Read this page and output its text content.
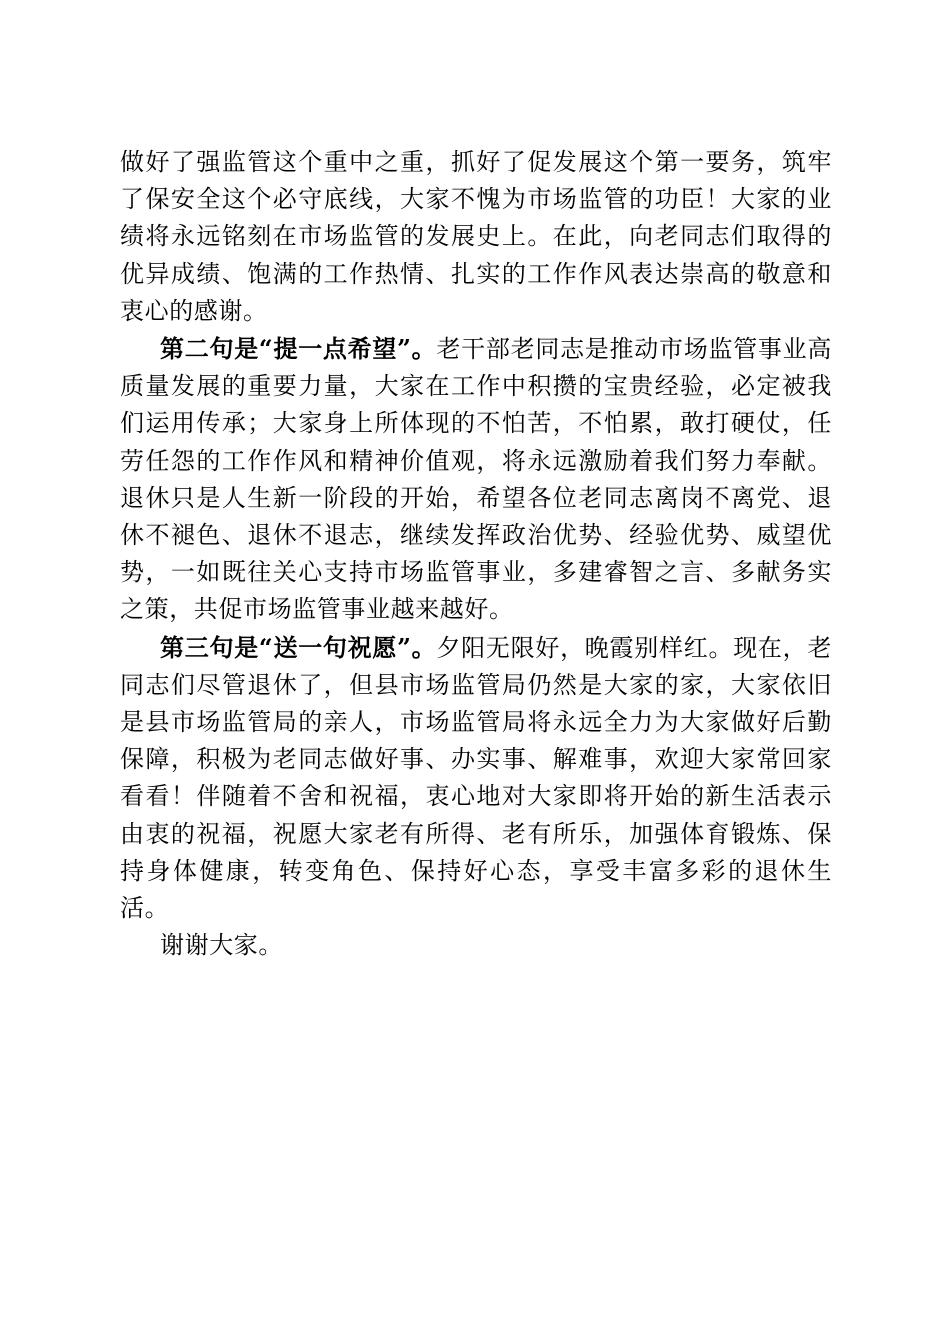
做好了强监管这个重中之重，抓好了促发展这个第一要务，筑牢了保安全这个必守底线，大家不愧为市场监管的功臣！大家的业绩将永远铭刻在市场监管的发展史上。在此，向老同志们取得的优异成绩、饱满的工作热情、扎实的工作作风表达崇高的敬意和衷心的感谢。

第二句是“提一点希望”。老干部老同志是推动市场监管事业高质量发展的重要力量，大家在工作中积攒的宝贵经验，必定被我们运用传承；大家身上所体现的不怕苦，不怕累，敢打硬仗，任劳任怨的工作作风和精神价值观，将永远激励着我们努力奉献。退休只是人生新一阶段的开始，希望各位老同志离岗不离党、退休不褪色、退休不退志，继续发挥政治优势、经验优势、威望优势，一如既往关心支持市场监管事业，多建睿智之言、多献务实之策，共促市场监管事业越来越好。

第三句是“送一句祝愿”。夕阳无限好，晚霞别样红。现在，老同志们尽管退休了，但县市场监管局仍然是大家的家，大家依旧是县市场监管局的亲人，市场监管局将永远全力为大家做好后勤保障，积极为老同志做好事、办实事、解难事，欢迎大家常回家看看！伴随着不舍和祝福，衷心地对大家即将开始的新生活表示由衷的祝福，祝愿大家老有所得、老有所乐，加强体育锻炼、保持身体健康，转变角色、保持好心态，享受丰富多彩的退休生活。

谢谢大家。
